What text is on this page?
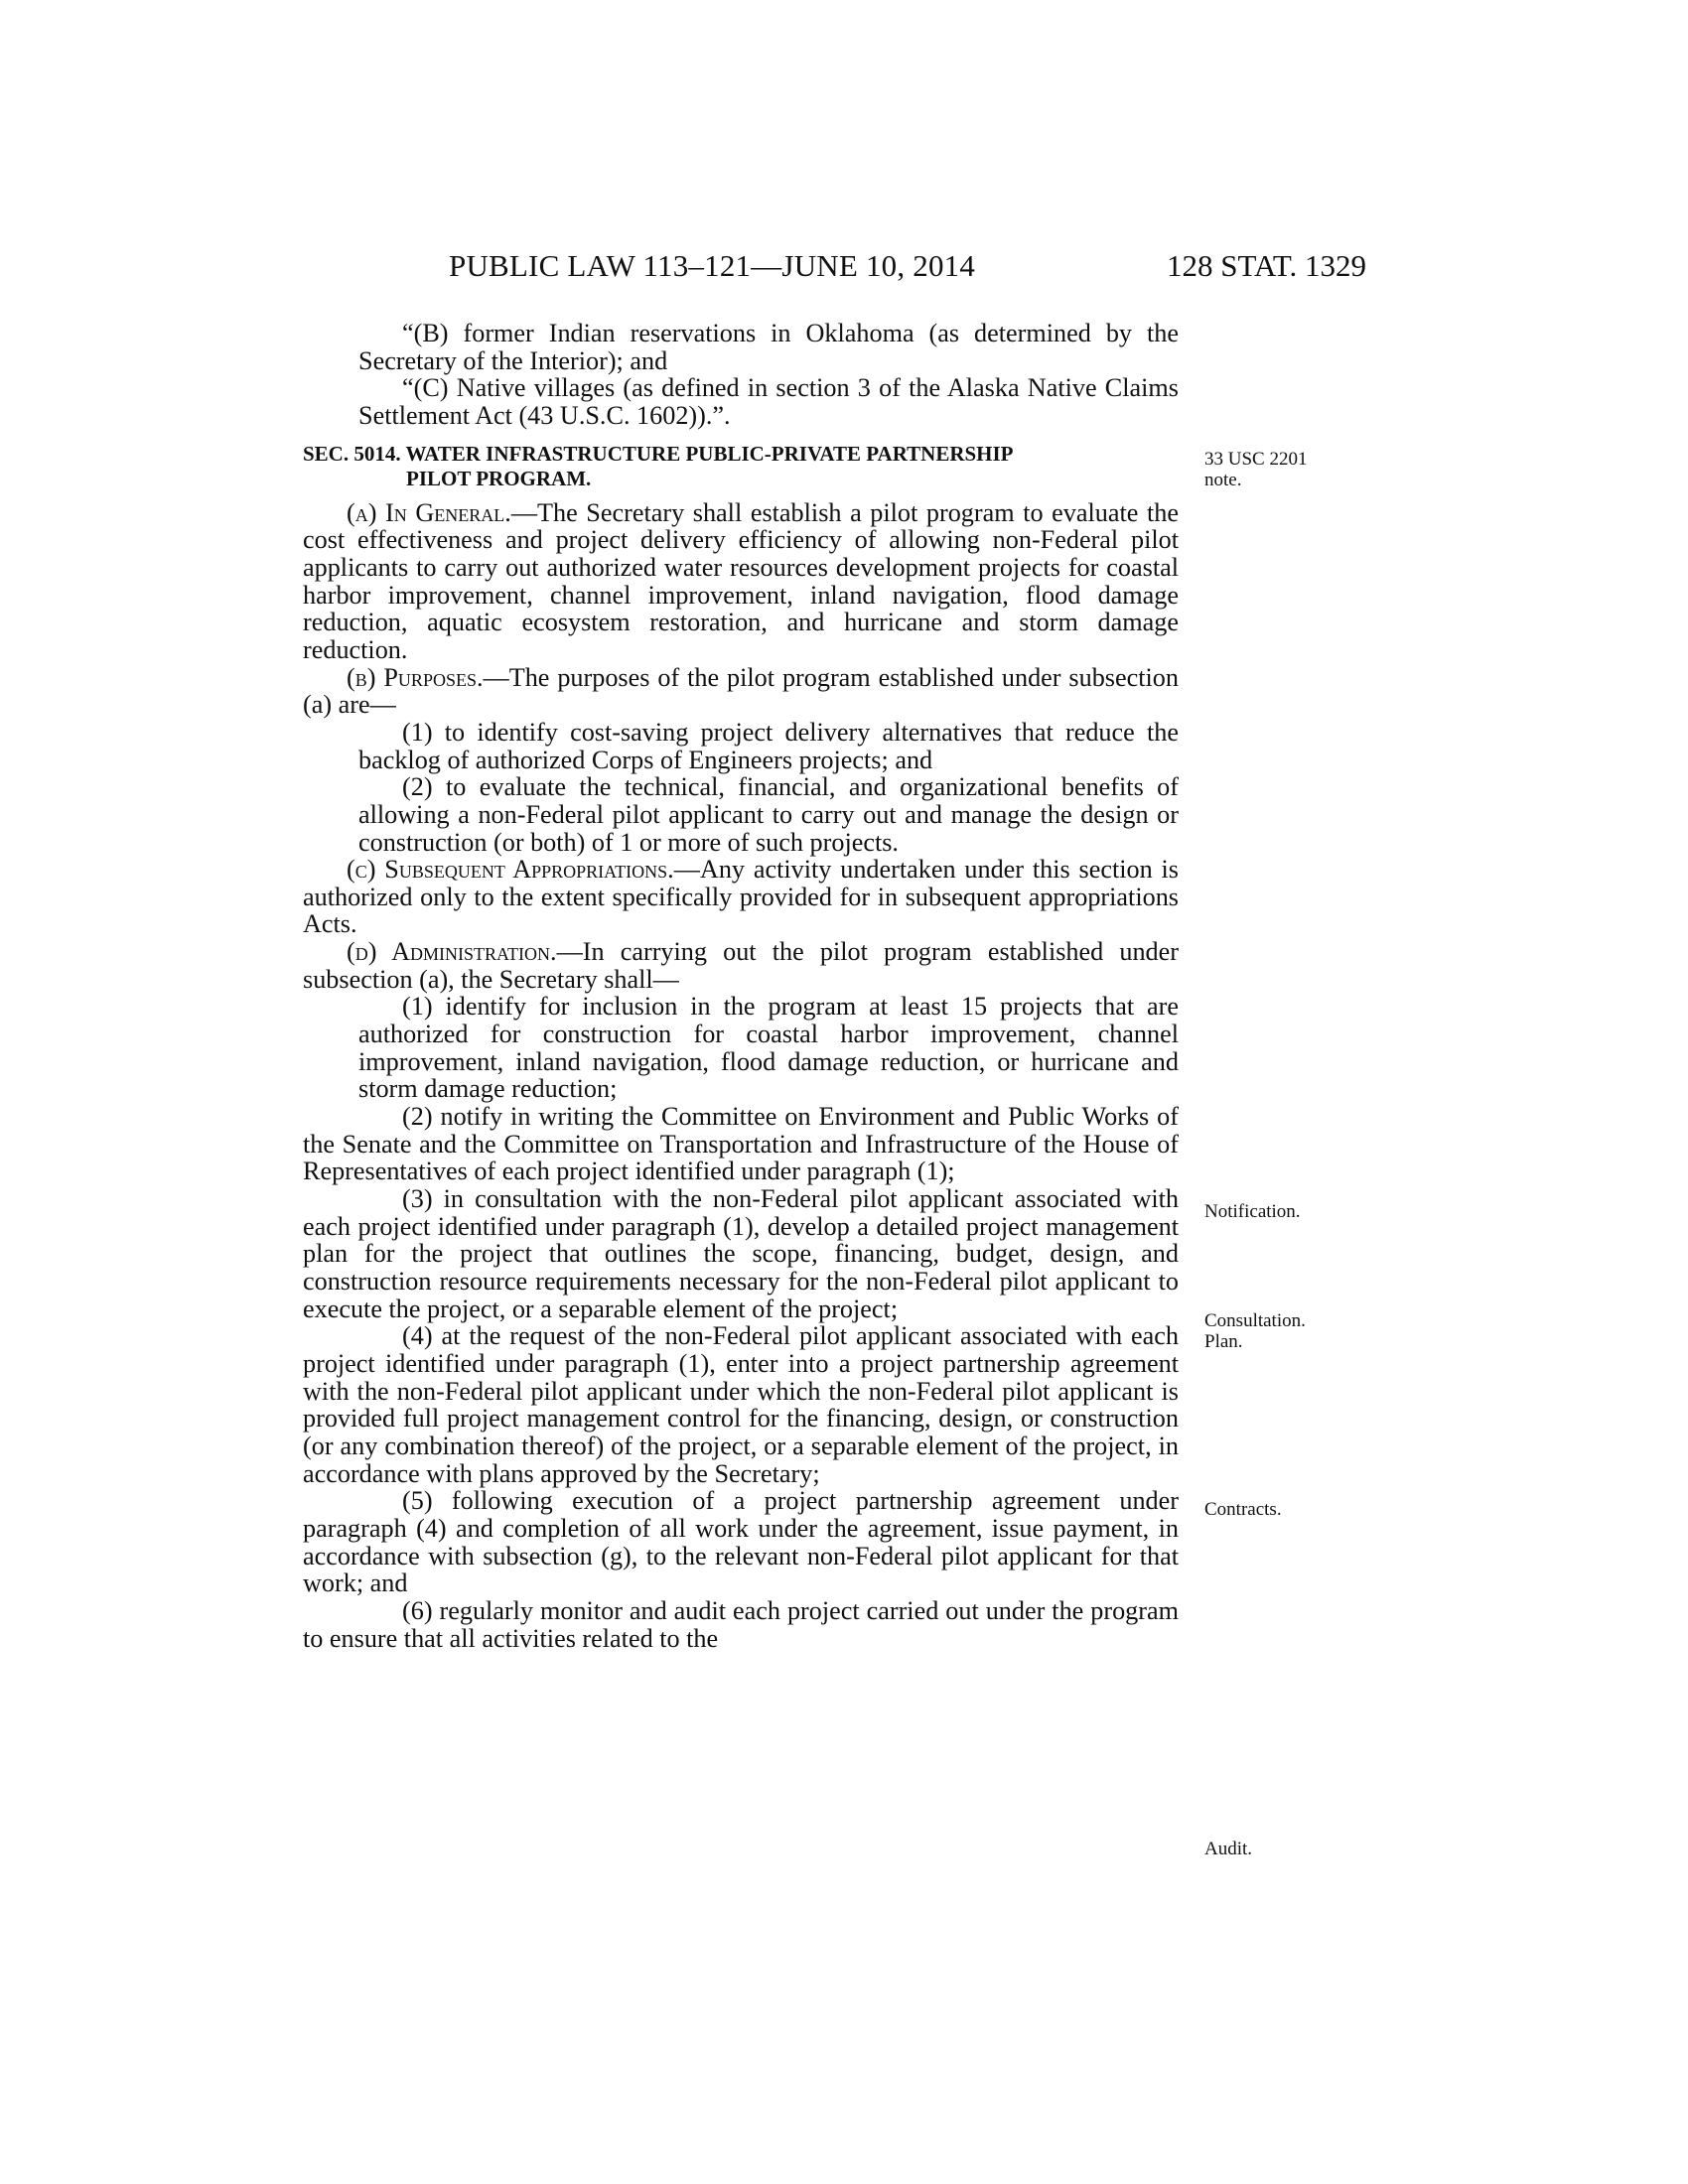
PUBLIC LAW 113–121—JUNE 10, 2014	128 STAT. 1329

“(B) former Indian reservations in Oklahoma (as determined by the Secretary of the Interior); and

“(C) Native villages (as defined in section 3 of the Alaska Native Claims Settlement Act (43 U.S.C. 1602)).”.

SEC. 5014. WATER INFRASTRUCTURE PUBLIC-PRIVATE PARTNERSHIP
PILOT PROGRAM.

(a) In General.—The Secretary shall establish a pilot program to evaluate the cost effectiveness and project delivery efficiency of allowing non-Federal pilot applicants to carry out authorized water resources development projects for coastal harbor improvement, channel improvement, inland navigation, flood damage reduction, aquatic ecosystem restoration, and hurricane and storm damage reduction.

(b) Purposes.—The purposes of the pilot program established under subsection (a) are—

(1) to identify cost-saving project delivery alternatives that reduce the backlog of authorized Corps of Engineers projects; and

(2) to evaluate the technical, financial, and organizational benefits of allowing a non-Federal pilot applicant to carry out and manage the design or construction (or both) of 1 or more of such projects.

(c) Subsequent Appropriations.—Any activity undertaken under this section is authorized only to the extent specifically provided for in subsequent appropriations Acts.

(d) Administration.—In carrying out the pilot program established under subsection (a), the Secretary shall—

(1) identify for inclusion in the program at least 15 projects that are authorized for construction for coastal harbor improvement, channel improvement, inland navigation, flood damage reduction, or hurricane and storm damage reduction;

(2) notify in writing the Committee on Environment and Public Works of the Senate and the Committee on Transportation and Infrastructure of the House of Representatives of each project identified under paragraph (1);

(3) in consultation with the non-Federal pilot applicant associated with each project identified under paragraph (1), develop a detailed project management plan for the project that outlines the scope, financing, budget, design, and construction resource requirements necessary for the non-Federal pilot applicant to execute the project, or a separable element of the project;

(4) at the request of the non-Federal pilot applicant associated with each project identified under paragraph (1), enter into a project partnership agreement with the non-Federal pilot applicant under which the non-Federal pilot applicant is provided full project management control for the financing, design, or construction (or any combination thereof) of the project, or a separable element of the project, in accordance with plans approved by the Secretary;

(5) following execution of a project partnership agreement under paragraph (4) and completion of all work under the agreement, issue payment, in accordance with subsection (g), to the relevant non-Federal pilot applicant for that work; and

(6) regularly monitor and audit each project carried out under the program to ensure that all activities related to the

33 USC 2201
note.
Notification.
Consultation.
Plan.
Contracts.
Audit.
